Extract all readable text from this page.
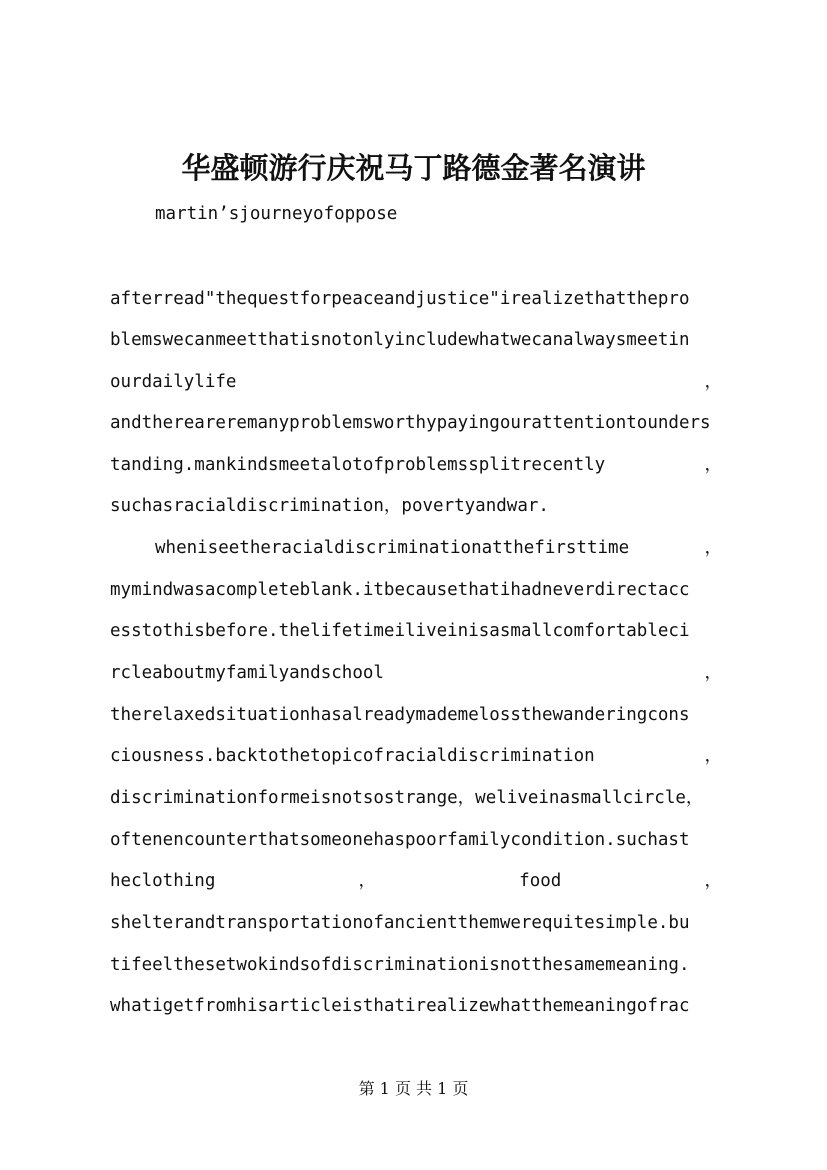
华盛顿游行庆祝马丁路德金著名演讲
martin’sjourneyofoppose
afterread"thequestforpeaceandjustice"irealizethatthepro
blemswecanmeetthatisnotonlyincludewhatwecanalwaysmeetin
ourdailylife	，
andthereareremanyproblemsworthypayingourattentiontounders
tanding.mankindsmeetalotofproblemssplitrecently	，
suchasracialdiscrimination，povertyandwar.
wheniseetheracialdiscriminationatthefirsttime	，
mymindwasacompleteblank.itbecausethatihadneverdirectacc
esstothisbefore.thelifetimeiliveinisasmallcomfortableci
rcleaboutmyfamilyandschool	，
therelaxedsituationhasalreadymademelossthewanderingcons
ciousness.backtothetopicofracialdiscrimination	，
discriminationformeisnotsostrange，weliveinasmallcircle，
oftenencounterthatsomeonehaspoorfamilycondition.suchast
heclothing	，	food	，
shelterandtransportationofancientthemwerequitesimple.bu
tifeelthesetwokindsofdiscriminationisnotthesamemeaning.
whatigetfromhisarticleisthatirealizewhatthemeaningofrac
第 1 页 共 1 页
